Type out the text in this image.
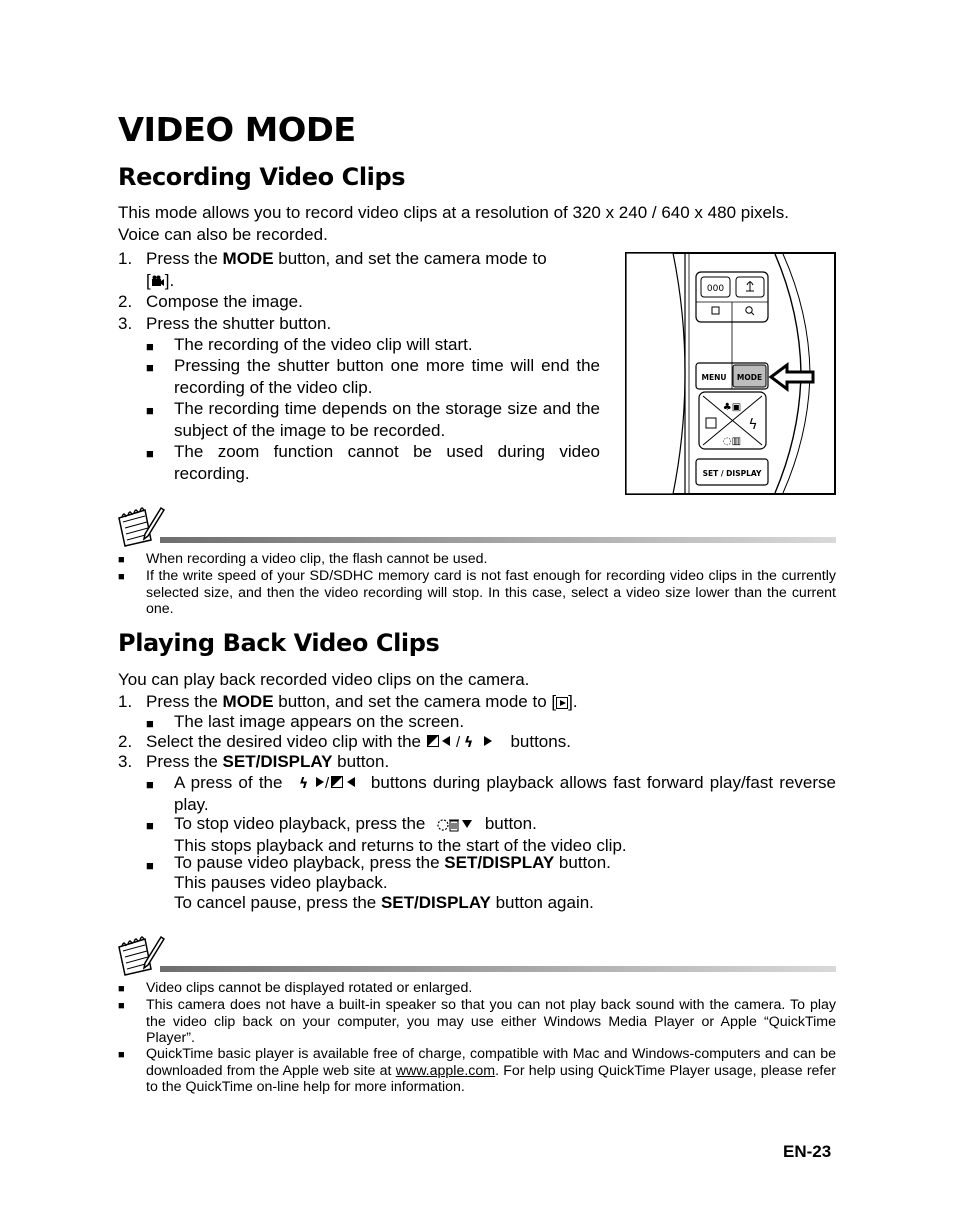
VIDEO MODE
Recording Video Clips
This mode allows you to record video clips at a resolution of 320 x 240 / 640 x 480 pixels. Voice can also be recorded.
1. Press the MODE button, and set the camera mode to
[ ].
2. Compose the image.
3. Press the shutter button.
■	The recording of the video clip will start.
■	Pressing the shutter button one more time will end the recording of the video clip.
■	The recording time depends on the storage size and the subject of the image to be recorded.
■	The zoom function cannot be used during video recording.
000
MENU MODE
♣▣
ϟ
◌▥
SET / DISPLAY
■	When recording a video clip, the flash cannot be used.
■	If the write speed of your SD/SDHC memory card is not fast enough for recording video clips in the currently selected size, and then the video recording will stop. In this case, select a video size lower than the current one.
Playing Back Video Clips
You can play back recorded video clips on the camera.
1. Press the MODE button, and set the camera mode to [ ].
■	The last image appears on the screen.
2. Select the desired video clip with the / ϟ buttons.
3. Press the SET/DISPLAY button.
■	A press of the ϟ / buttons during playback allows fast forward play/fast reverse play.
■	To stop video playback, press the	button.
This stops playback and returns to the start of the video clip.
■	To pause video playback, press the SET/DISPLAY button.
This pauses video playback.
To cancel pause, press the SET/DISPLAY button again.
■	Video clips cannot be displayed rotated or enlarged.
■	This camera does not have a built-in speaker so that you can not play back sound with the camera. To play the video clip back on your computer, you may use either Windows Media Player or Apple “QuickTime Player”.
■	QuickTime basic player is available free of charge, compatible with Mac and Windows-computers and can be downloaded from the Apple web site at www.apple.com. For help using QuickTime Player usage, please refer to the QuickTime on-line help for more information.
EN-23
